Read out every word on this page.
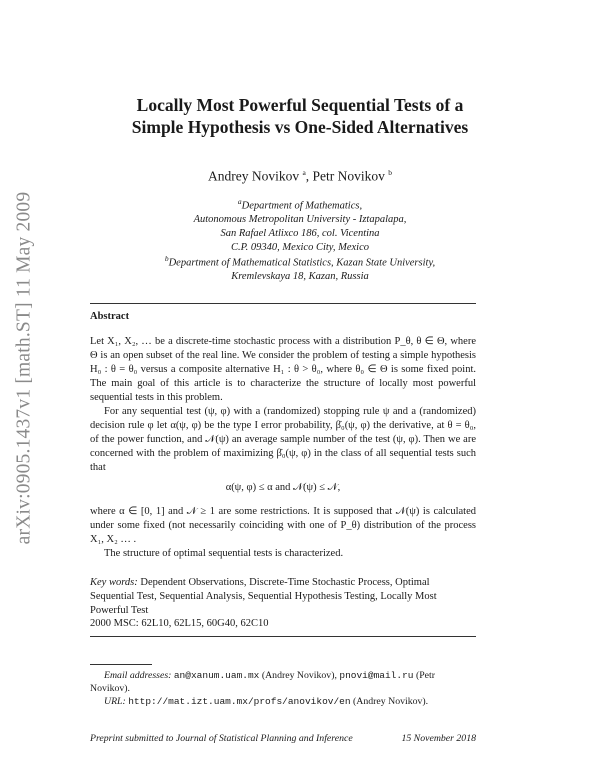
arXiv:0905.1437v1 [math.ST] 11 May 2009
Locally Most Powerful Sequential Tests of a
Simple Hypothesis vs One-Sided Alternatives
Andrey Novikov $^a$, Petr Novikov $^b$
$^a$Department of Mathematics,
Autonomous Metropolitan University - Iztapalapa,
San Rafael Atlixco 186, col. Vicentina
C.P. 09340, Mexico City, Mexico
$^b$Department of Mathematical Statistics, Kazan State University,
Kremlevskaya 18, Kazan, Russia
Abstract
Let X₁, X₂, … be a discrete-time stochastic process with a distribution P_θ, θ ∈ Θ, where Θ is an open subset of the real line. We consider the problem of testing a simple hypothesis H₀ : θ = θ₀ versus a composite alternative H₁ : θ > θ₀, where θ₀ ∈ Θ is some fixed point. The main goal of this article is to characterize the structure of locally most powerful sequential tests in this problem.
For any sequential test (ψ, φ) with a (randomized) stopping rule ψ and a (randomized) decision rule φ let α(ψ, φ) be the type I error probability, β̇₀(ψ, φ) the derivative, at θ = θ₀, of the power function, and 𝒩(ψ) an average sample number of the test (ψ, φ). Then we are concerned with the problem of maximizing β̇₀(ψ, φ) in the class of all sequential tests such that
α(ψ, φ) ≤ α and 𝒩(ψ) ≤ 𝒩,
where α ∈ [0, 1] and 𝒩 ≥ 1 are some restrictions. It is supposed that 𝒩(ψ) is calculated under some fixed (not necessarily coinciding with one of P_θ) distribution of the process X₁, X₂ … .
The structure of optimal sequential tests is characterized.
Key words: Dependent Observations, Discrete-Time Stochastic Process, Optimal Sequential Test, Sequential Analysis, Sequential Hypothesis Testing, Locally Most Powerful Test
2000 MSC: 62L10, 62L15, 60G40, 62C10
Email addresses: an@xanum.uam.mx (Andrey Novikov), pnovi@mail.ru (Petr Novikov).
URL: http://mat.izt.uam.mx/profs/anovikov/en (Andrey Novikov).
Preprint submitted to Journal of Statistical Planning and Inference	15 November 2018
